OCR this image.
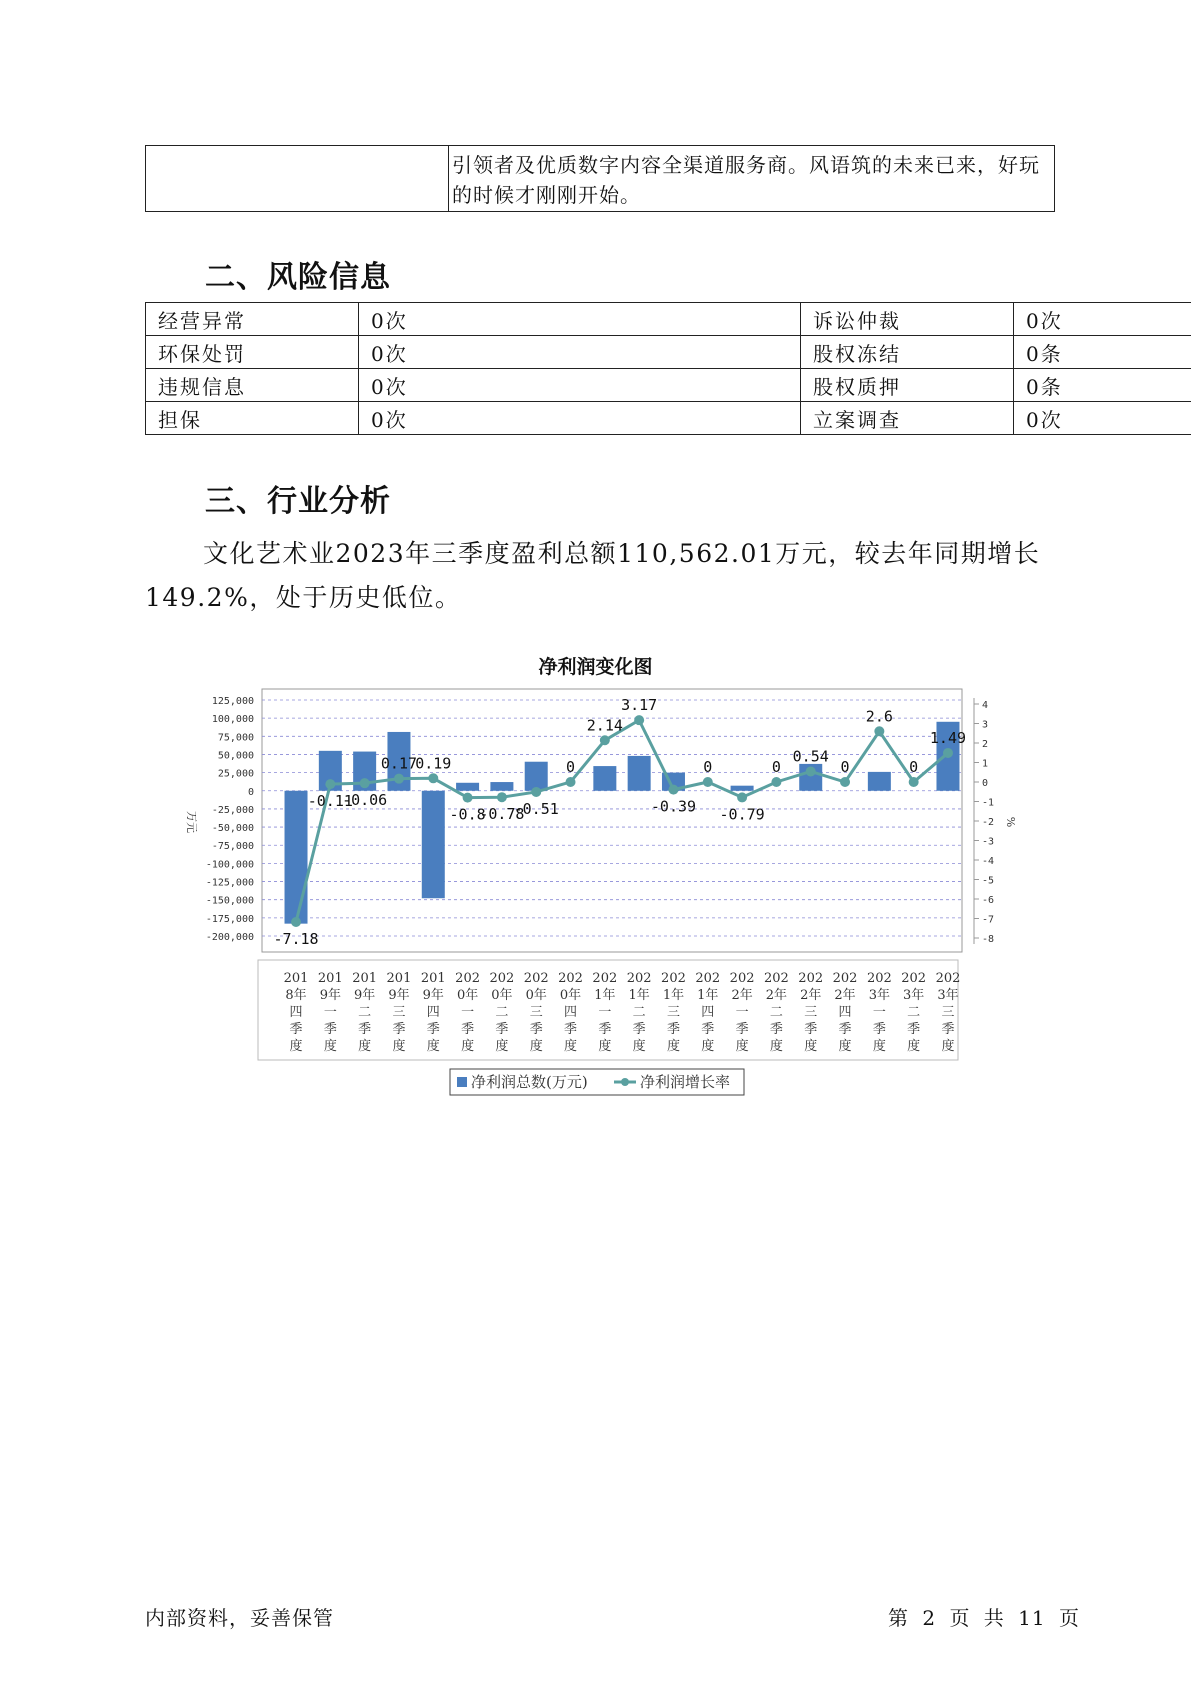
引领者及优质数字内容全渠道服务商。风语筑的未来已来，好玩的时候才刚刚开始。
二、风险信息
经营异常	0次	诉讼仲裁	0次
环保处罚	0次	股权冻结	0条
违规信息	0次	股权质押	0条
担保	0次	立案调查	0次
三、行业分析

文化艺术业2023年三季度盈利总额110,562.01万元，较去年同期增长149.2%，处于历史低位。

净利润变化图
125,000
100,000
75,000
50,000
25,000
0
-25,000
-50,000
-75,000
-100,000
-125,000
-150,000
-175,000
-200,000
4
3
2
1
0
-1
-2
-3
-4
-5
-6
-7
-8
万元	%
-7.18
-0.11
-0.06
0.17
0.19
-0.8
-0.78
-0.51
0
2.14
3.17
-0.39
0
-0.79
0
0.54
0
2.6
0
1.49
201 8年四季度
201 9年一季度
201 9年二季度
201 9年三季度
201 9年四季度
202 0年一季度
202 0年二季度
202 0年三季度
202 0年四季度
202 1年一季度
202 1年二季度
202 1年三季度
202 1年四季度
202 2年一季度
202 2年二季度
202 2年三季度
202 2年四季度
202 3年一季度
202 3年二季度
202 3年三季度
净利润总数(万元)	净利润增长率
内部资料，妥善保管	第 2 页 共 11 页
